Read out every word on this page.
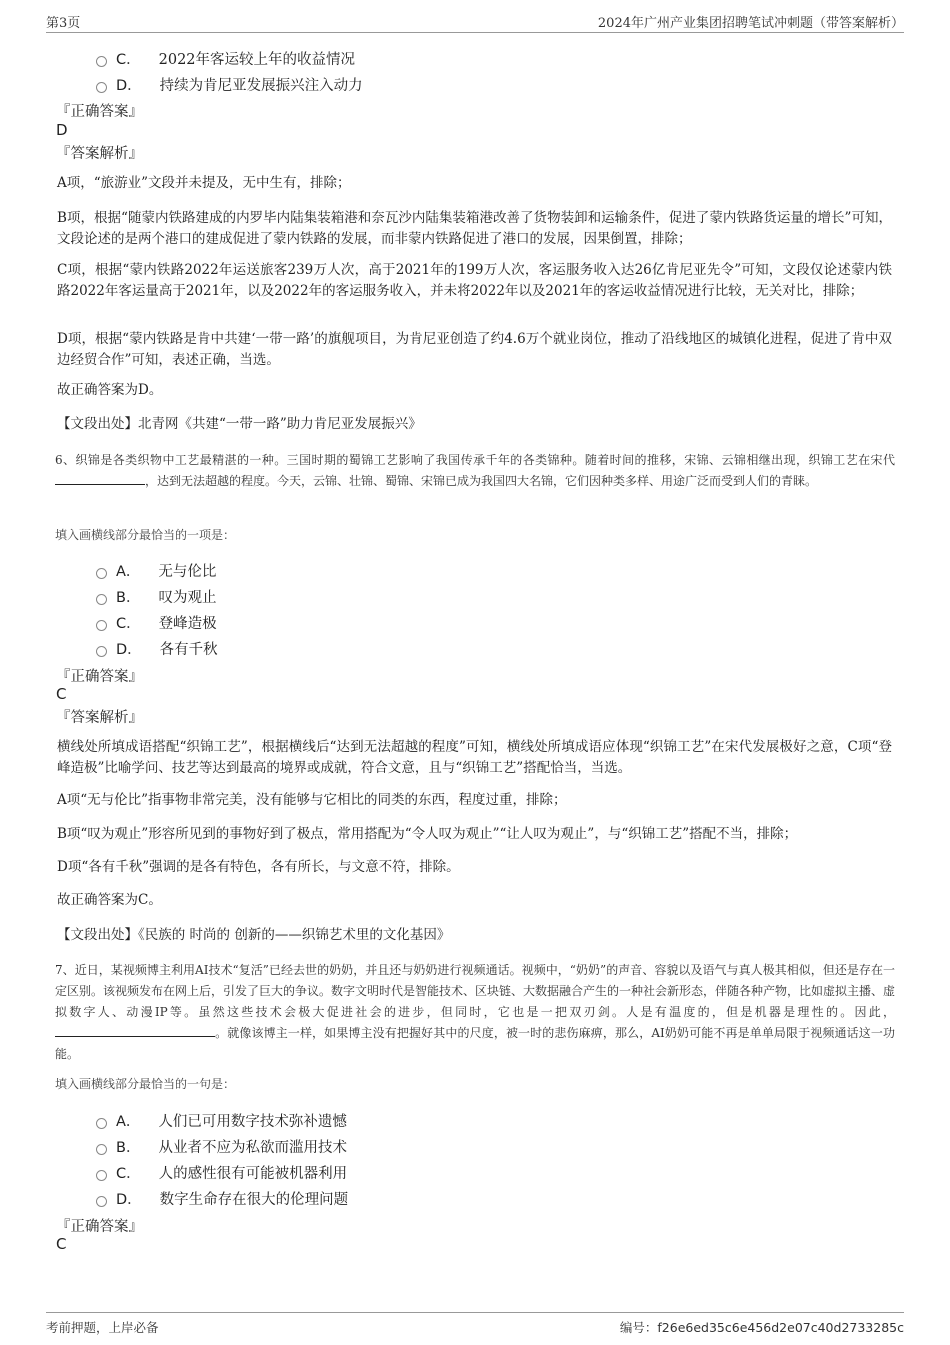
第3页	2024年广州产业集团招聘笔试冲刺题（带答案解析）
C． 2022年客运较上年的收益情况
D． 持续为肯尼亚发展振兴注入动力
『正确答案』
D
『答案解析』
A项，“旅游业”文段并未提及，无中生有，排除；
B项，根据“随蒙内铁路建成的内罗毕内陆集装箱港和奈瓦沙内陆集装箱港改善了货物装卸和运输条件，促进了蒙内铁路货运量的增长”可知，文段论述的是两个港口的建成促进了蒙内铁路的发展，而非蒙内铁路促进了港口的发展，因果倒置，排除；
C项，根据“蒙内铁路2022年运送旅客239万人次，高于2021年的199万人次，客运服务收入达26亿肯尼亚先令”可知，文段仅论述蒙内铁路2022年客运量高于2021年，以及2022年的客运服务收入，并未将2022年以及2021年的客运收益情况进行比较，无关对比，排除；
D项，根据“蒙内铁路是肯中共建‘一带一路’的旗舰项目，为肯尼亚创造了约4.6万个就业岗位，推动了沿线地区的城镇化进程，促进了肯中双边经贸合作”可知，表述正确，当选。
故正确答案为D。
【文段出处】北青网《共建“一带一路”助力肯尼亚发展振兴》
6、织锦是各类织物中工艺最精湛的一种。三国时期的蜀锦工艺影响了我国传承千年的各类锦种。随着时间的推移，宋锦、云锦相继出现，织锦工艺在宋代，达到无法超越的程度。今天，云锦、壮锦、蜀锦、宋锦已成为我国四大名锦，它们因种类多样、用途广泛而受到人们的青睐。
填入画横线部分最恰当的一项是：
A． 无与伦比
B． 叹为观止
C． 登峰造极
D． 各有千秋
『正确答案』
C
『答案解析』
横线处所填成语搭配“织锦工艺”，根据横线后“达到无法超越的程度”可知，横线处所填成语应体现“织锦工艺”在宋代发展极好之意，C项“登峰造极”比喻学问、技艺等达到最高的境界或成就，符合文意，且与“织锦工艺”搭配恰当，当选。
A项“无与伦比”指事物非常完美，没有能够与它相比的同类的东西，程度过重，排除；
B项“叹为观止”形容所见到的事物好到了极点，常用搭配为“令人叹为观止”“让人叹为观止”，与“织锦工艺”搭配不当，排除；
D项“各有千秋”强调的是各有特色，各有所长，与文意不符，排除。
故正确答案为C。
【文段出处】《民族的 时尚的 创新的——织锦艺术里的文化基因》
7、近日，某视频博主利用AI技术“复活”已经去世的奶奶，并且还与奶奶进行视频通话。视频中，“奶奶”的声音、容貌以及语气与真人极其相似，但还是存在一定区别。该视频发布在网上后，引发了巨大的争议。数字文明时代是智能技术、区块链、大数据融合产生的一种社会新形态，伴随各种产物，比如虚拟主播、虚拟数字人、动漫IP等。虽然这些技术会极大促进社会的进步，但同时，它也是一把双刃剑。人是有温度的，但是机器是理性的。因此，。就像该博主一样，如果博主没有把握好其中的尺度，被一时的悲伤麻痹，那么，AI奶奶可能不再是单单局限于视频通话这一功能。
填入画横线部分最恰当的一句是：
A． 人们已可用数字技术弥补遗憾
B． 从业者不应为私欲而滥用技术
C． 人的感性很有可能被机器利用
D． 数字生命存在很大的伦理问题
『正确答案』
C
考前押题，上岸必备	编号：f26e6ed35c6e456d2e07c40d2733285c
